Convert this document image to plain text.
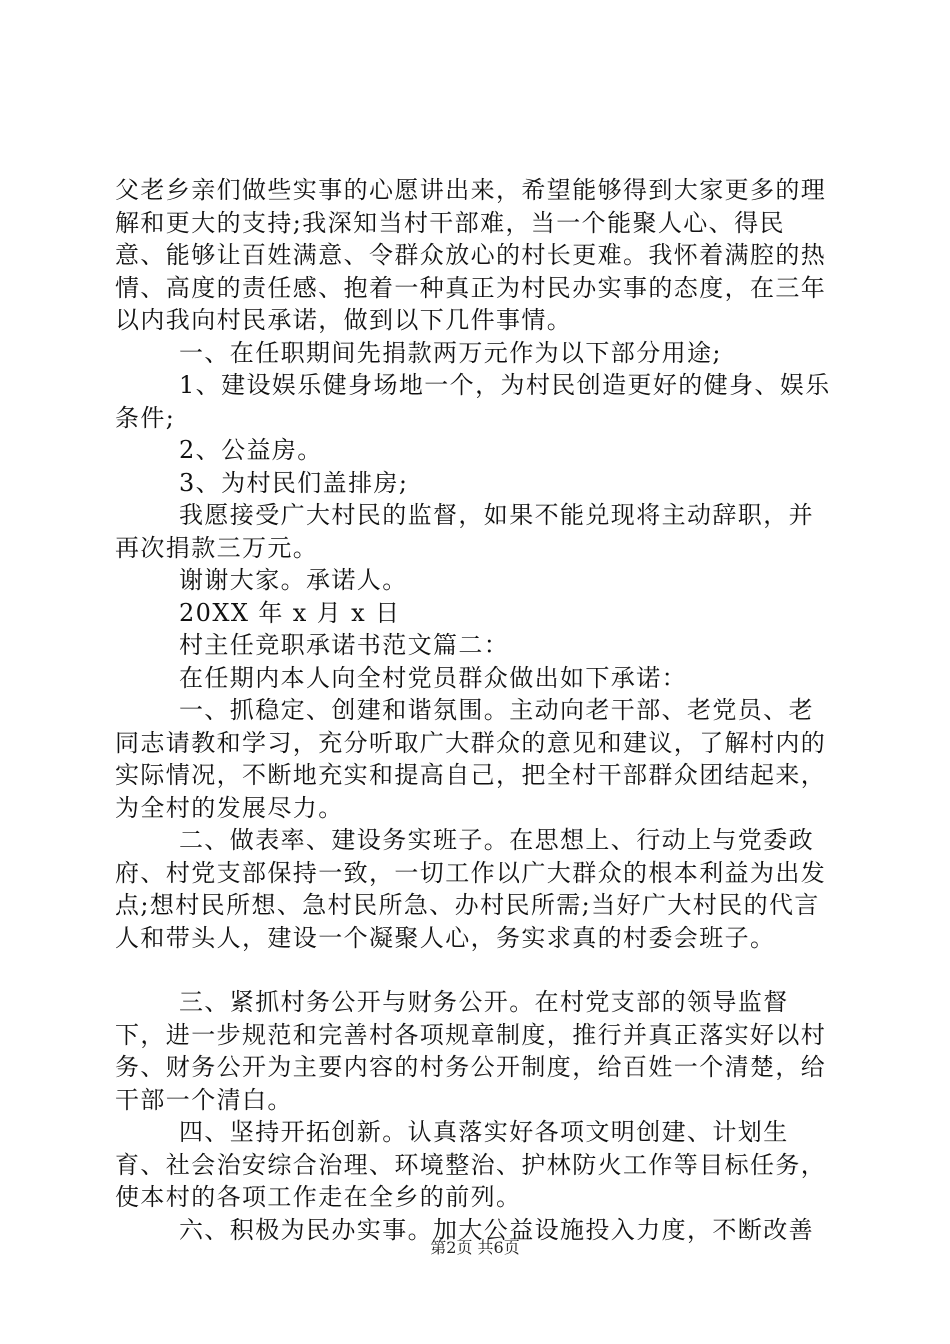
父老乡亲们做些实事的心愿讲出来，希望能够得到大家更多的理解和更大的支持;我深知当村干部难，当一个能聚人心、得民意、能够让百姓满意、令群众放心的村长更难。我怀着满腔的热情、高度的责任感、抱着一种真正为村民办实事的态度，在三年以内我向村民承诺，做到以下几件事情。

一、在任职期间先捐款两万元作为以下部分用途;

1、建设娱乐健身场地一个，为村民创造更好的健身、娱乐条件;

2、公益房。

3、为村民们盖排房;

我愿接受广大村民的监督，如果不能兑现将主动辞职，并再次捐款三万元。

谢谢大家。承诺人。

20XX 年 x 月 x 日

村主任竞职承诺书范文篇二：

在任期内本人向全村党员群众做出如下承诺：

一、抓稳定、创建和谐氛围。主动向老干部、老党员、老同志请教和学习，充分听取广大群众的意见和建议，了解村内的实际情况，不断地充实和提高自己，把全村干部群众团结起来，为全村的发展尽力。

二、做表率、建设务实班子。在思想上、行动上与党委政府、村党支部保持一致，一切工作以广大群众的根本利益为出发点;想村民所想、急村民所急、办村民所需;当好广大村民的代言人和带头人，建设一个凝聚人心，务实求真的村委会班子。

三、紧抓村务公开与财务公开。在村党支部的领导监督下，进一步规范和完善村各项规章制度，推行并真正落实好以村务、财务公开为主要内容的村务公开制度，给百姓一个清楚，给干部一个清白。

四、坚持开拓创新。认真落实好各项文明创建、计划生育、社会治安综合治理、环境整治、护林防火工作等目标任务，使本村的各项工作走在全乡的前列。

六、积极为民办实事。加大公益设施投入力度，不断改善

第2页 共6页
